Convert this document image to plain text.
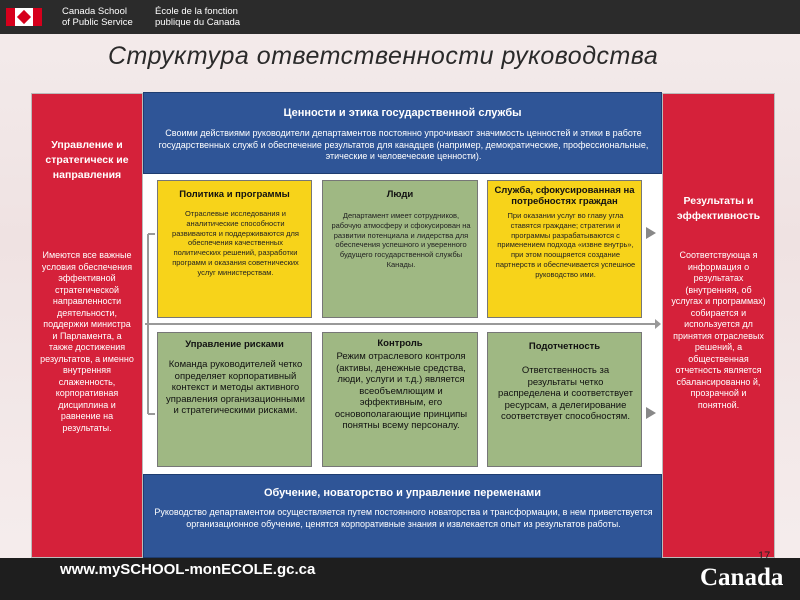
Canada School
of Public Service
École de la fonction
publique du Canada
Структура ответственности руководства
Управление и стратегическ ие направления
Имеются все важные условия обеспечения эффективной стратегической направленности деятельности, поддержки министра и Парламента, а также достижения результатов, а именно внутренняя слаженность, корпоративная дисциплина и равнение на результаты.
Результаты и эффективность
Соответствующа я информация о результатах (внутренняя, об услугах и программах) собирается и используется дл принятия отраслевых решений, а общественная отчетность является сбалансированно й, прозрачной и понятной.
Ценности и этика государственной службы
Своими действиями руководители департаментов постоянно упрочивают значимость ценностей и этики в работе государственных служб и обеспечение результатов для канадцев (например, демократические, профессиональные, этические и человеческие ценности).
Политика и программы
Отраслевые исследования и аналитические способности развиваются и поддерживаются для обеспечения качественных политических решений, разработки программ и оказания советнических услуг министерствам.
Люди
Департамент имеет сотрудников, рабочую атмосферу и сфокусирован на развитии потенциала и лидерства для обеспечения успешного и уверенного будущего государственной службы Канады.
Служба, сфокусированная на потребностях граждан
При оказании услуг во главу угла ставятся граждане; стратегии и программы разрабатываются с применением подхода «извне внутрь», при этом поощряется создание партнерств и обеспечивается успешное руководство ими.
Управление рисками
Команда руководителей четко определяет корпоративный контекст и методы активного управления организационными и стратегическими рисками.
Контроль
Режим отраслевого контроля (активы, денежные средства, люди, услуги и т.д.) является всеобъемлющим и эффективным, его основополагающие принципы понятны всему персоналу.
Подотчетность
Ответственность за результаты четко распределена и соответствует ресурсам, а делегирование соответствует способностям.
Обучение, новаторство и управление переменами
Руководство департаментом осуществляется путем постоянного новаторства и трансформации, в нем приветствуется организационное обучение, ценятся корпоративные знания и извлекается опыт из результатов работы.
www.mySCHOOL-monECOLE.gc.ca	Canada
17
